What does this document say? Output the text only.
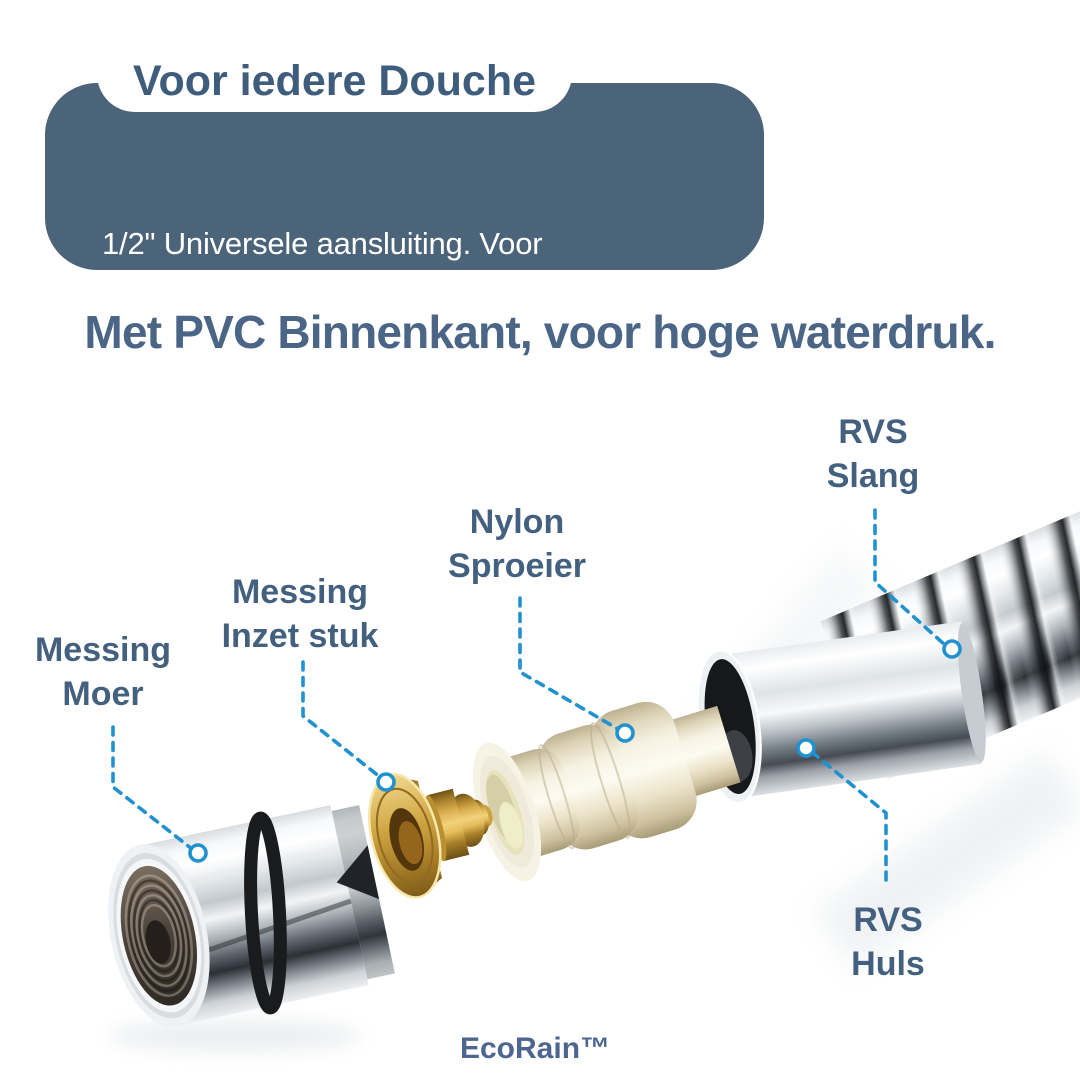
1/2" Universele aansluiting. Voor
Nederlandse en Belgische Huishoudens.
Voor iedere Douche
Met PVC Binnenkant, voor hoge waterdruk.
Messing
Moer
Messing
Inzet stuk
Nylon
Sproeier
RVS
Slang
RVS
Huls
EcoRain™
